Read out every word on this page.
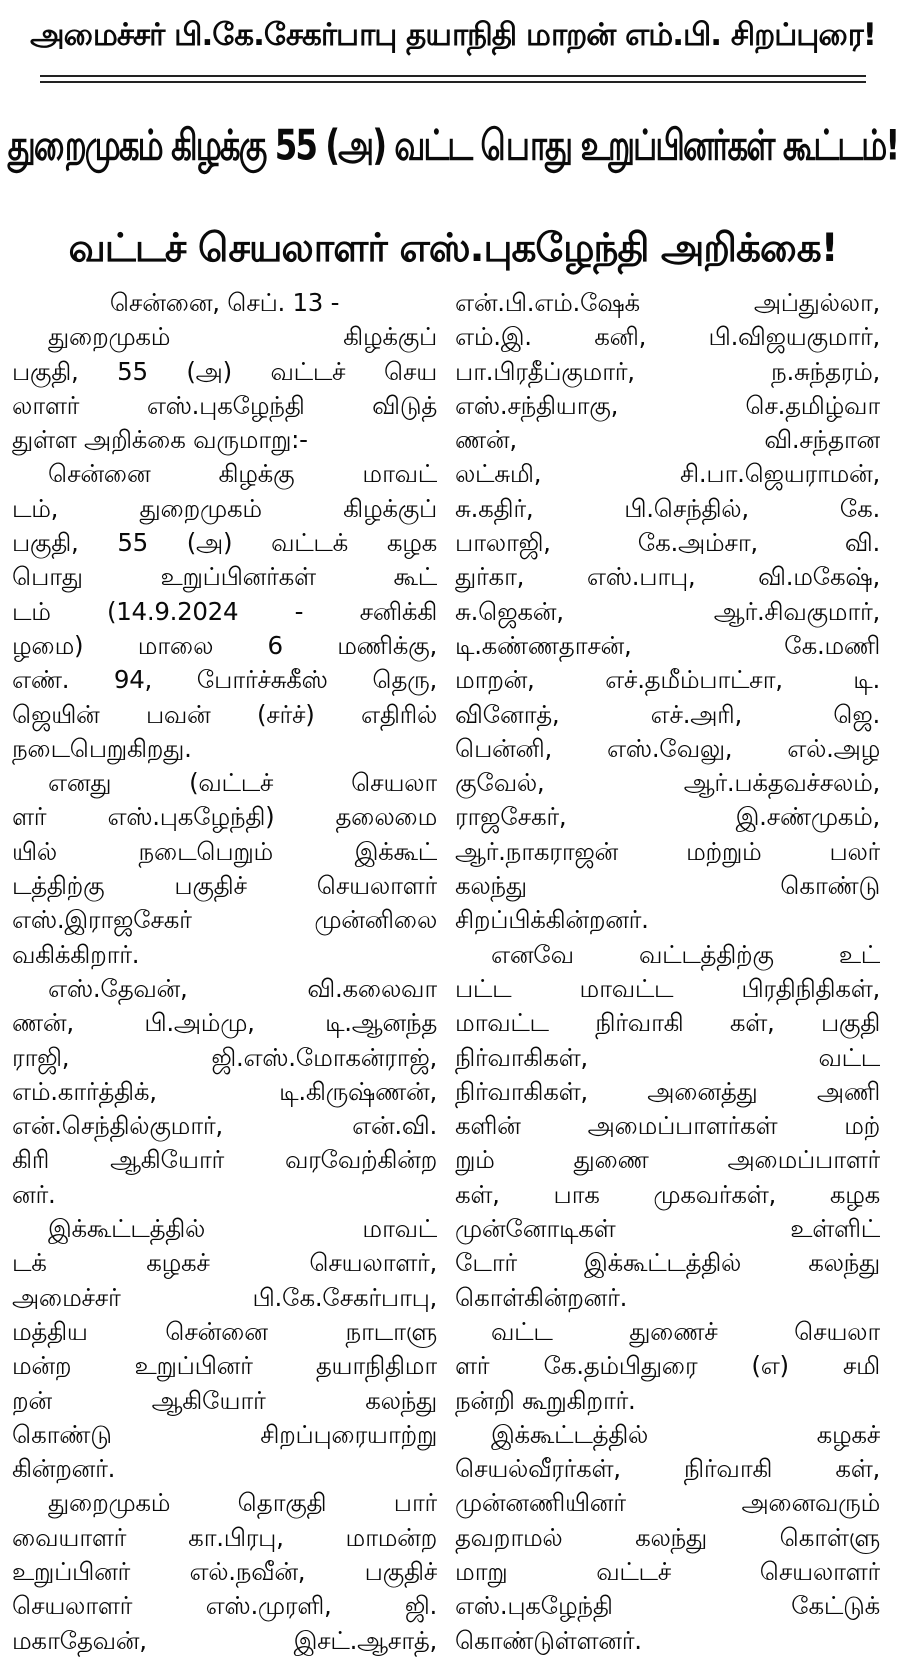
அமைச்சர் பி.கே.சேகர்பாபு தயாநிதி மாறன் எம்.பி. சிறப்புரை!
துறைமுகம் கிழக்கு 55 (அ) வட்ட பொது உறுப்பினர்கள் கூட்டம்!
வட்டச் செயலாளர் எஸ்.புகழேந்தி அறிக்கை!
சென்னை, செப். 13 -
துறைமுகம் கிழக்குப்
பகுதி, 55 (அ) வட்டச் செய
லாளர் எஸ்.புகழேந்தி விடுத்
துள்ள அறிக்கை வருமாறு:-
சென்னை கிழக்கு மாவட்
டம், துறைமுகம் கிழக்குப்
பகுதி, 55 (அ) வட்டக் கழக
பொது உறுப்பினர்கள் கூட்
டம் (14.9.2024 - சனிக்கி
ழமை) மாலை 6 மணிக்கு,
எண். 94, போர்ச்சுகீஸ் தெரு,
ஜெயின் பவன் (சர்ச்) எதிரில்
நடைபெறுகிறது.
எனது (வட்டச் செயலா
ளர் எஸ்.புகழேந்தி) தலைமை
யில் நடைபெறும் இக்கூட்
டத்திற்கு பகுதிச் செயலாளர்
எஸ்.இராஜசேகர் முன்னிலை
வகிக்கிறார்.
எஸ்.தேவன், வி.கலைவா
ணன், பி.அம்மு, டி.ஆனந்த
ராஜி, ஜி.எஸ்.மோகன்ராஜ்,
எம்.கார்த்திக், டி.கிருஷ்ணன்,
என்.செந்தில்குமார், என்.வி.
கிரி ஆகியோர் வரவேற்கின்ற
னர்.
இக்கூட்டத்தில் மாவட்
டக் கழகச் செயலாளர்,
அமைச்சர் பி.கே.சேகர்பாபு,
மத்திய சென்னை நாடாளு
மன்ற உறுப்பினர் தயாநிதிமா
றன் ஆகியோர் கலந்து
கொண்டு சிறப்புரையாற்று
கின்றனர்.
துறைமுகம் தொகுதி பார்
வையாளர் கா.பிரபு, மாமன்ற
உறுப்பினர் எல்.நவீன், பகுதிச்
செயலாளர் எஸ்.முரளி, ஜி.
மகாதேவன், இசட்.ஆசாத்,
என்.பி.எம்.ஷேக் அப்துல்லா,
எம்.இ. கனி, பி.விஜயகுமார்,
பா.பிரதீப்குமார், ந.சுந்தரம்,
எஸ்.சந்தியாகு, செ.தமிழ்வா
ணன், வி.சந்தான
லட்சுமி, சி.பா.ஜெயராமன்,
சு.கதிர், பி.செந்தில், கே.
பாலாஜி, கே.அம்சா, வி.
துர்கா, எஸ்.பாபு, வி.மகேஷ்,
சு.ஜெகன், ஆர்.சிவகுமார்,
டி.கண்ணதாசன், கே.மணி
மாறன், எச்.தமீம்பாட்சா, டி.
வினோத், எச்.அரி, ஜெ.
பென்னி, எஸ்.வேலு, எல்.அழ
குவேல், ஆர்.பக்தவச்சலம்,
ராஜசேகர், இ.சண்முகம்,
ஆர்.நாகராஜன் மற்றும் பலர்
கலந்து கொண்டு
சிறப்பிக்கின்றனர்.
எனவே வட்டத்திற்கு உட்
பட்ட மாவட்ட பிரதிநிதிகள்,
மாவட்ட நிர்வாகி கள், பகுதி
நிர்வாகிகள், வட்ட
நிர்வாகிகள், அனைத்து அணி
களின் அமைப்பாளர்கள் மற்
றும் துணை அமைப்பாளர்
கள், பாக முகவர்கள், கழக
முன்னோடிகள் உள்ளிட்
டோர் இக்கூட்டத்தில் கலந்து
கொள்கின்றனர்.
வட்ட துணைச் செயலா
ளர் கே.தம்பிதுரை (எ) சமி
நன்றி கூறுகிறார்.
இக்கூட்டத்தில் கழகச்
செயல்வீரர்கள், நிர்வாகி கள்,
முன்னணியினர் அனைவரும்
தவறாமல் கலந்து கொள்ளு
மாறு வட்டச் செயலாளர்
எஸ்.புகழேந்தி கேட்டுக்
கொண்டுள்ளனர்.
